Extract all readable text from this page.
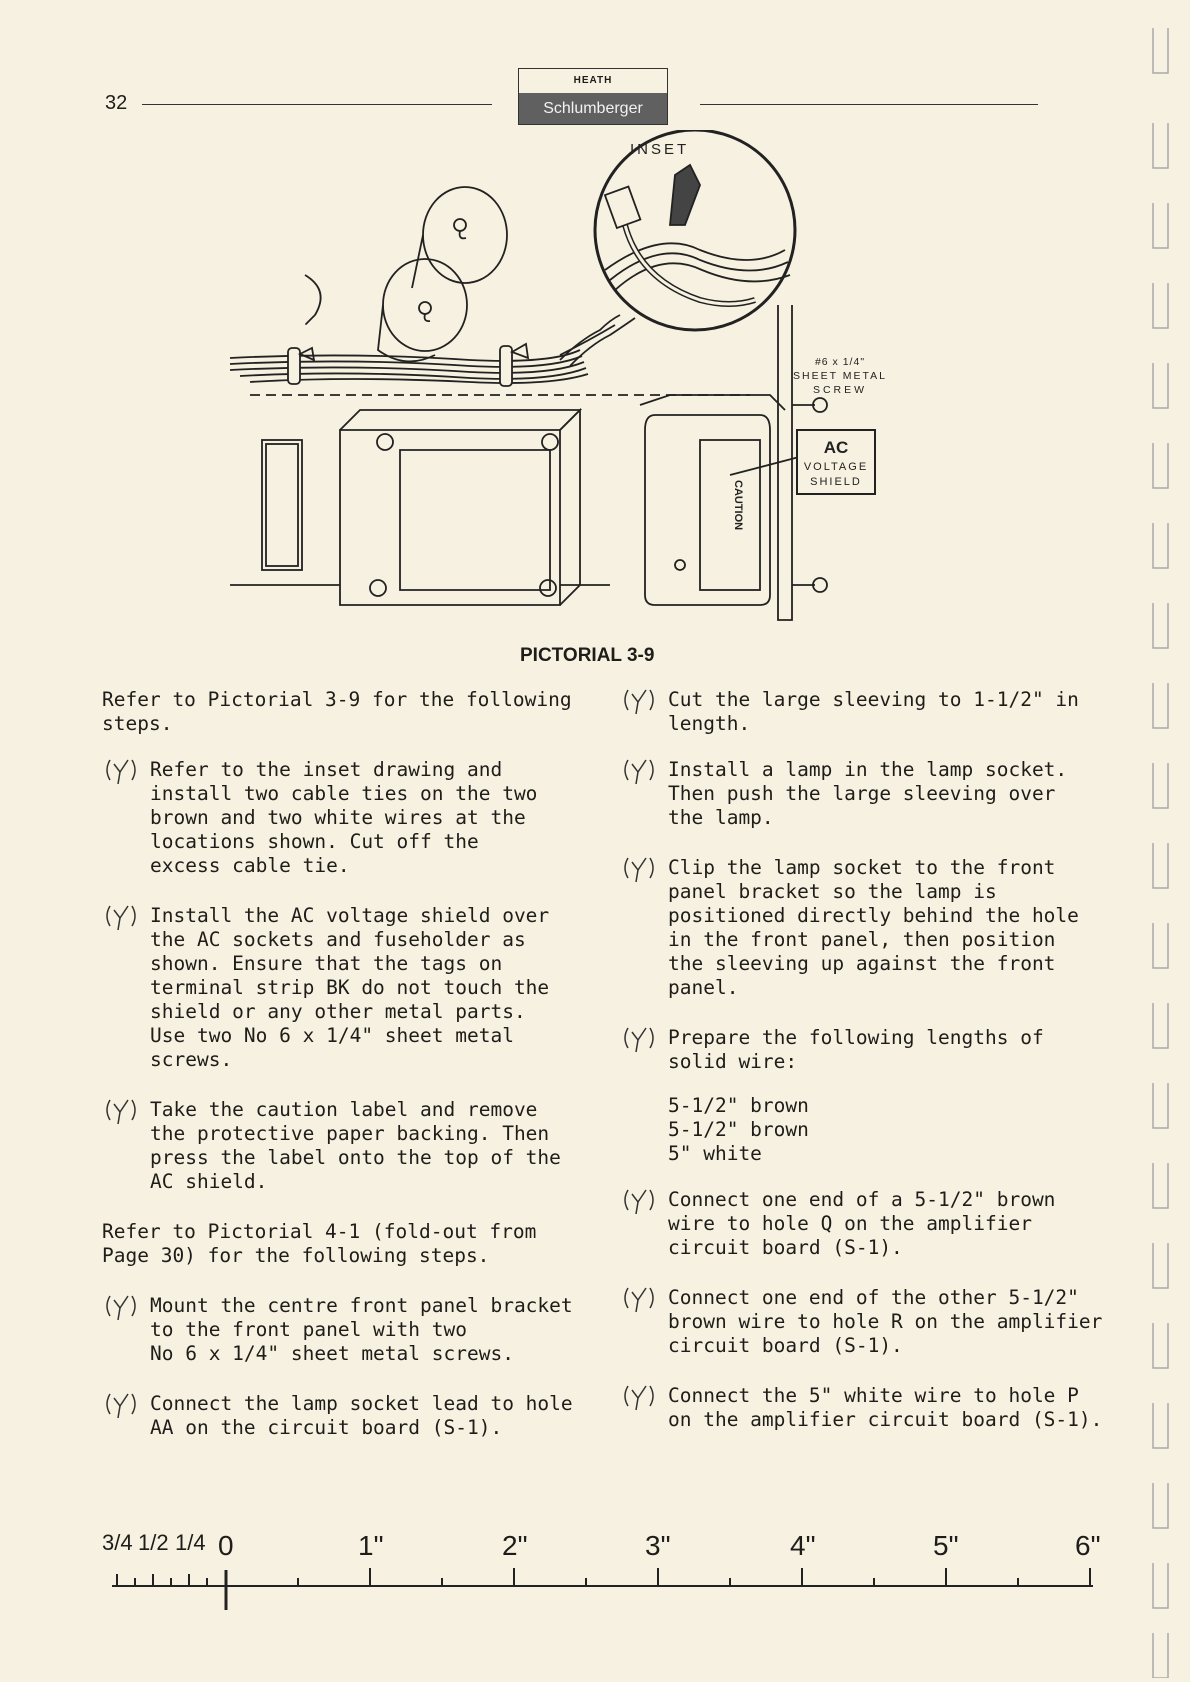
32
HEATH
Schlumberger
INSET
#6 x 1/4"
SHEET METAL
SCREW
AC
VOLTAGE
SHIELD
CAUTION
PICTORIAL 3-9

Refer to Pictorial 3-9 for the following
steps.

Refer to the inset drawing and
install two cable ties on the two
brown and two white wires at the
locations shown. Cut off the
excess cable tie.
Install the AC voltage shield over
the AC sockets and fuseholder as
shown. Ensure that the tags on
terminal strip BK do not touch the
shield or any other metal parts.
Use two No 6 x 1/4" sheet metal
screws.
Take the caution label and remove
the protective paper backing. Then
press the label onto the top of the
AC shield.

Refer to Pictorial 4-1 (fold-out from
Page 30) for the following steps.

Mount the centre front panel bracket
to the front panel with two
No 6 x 1/4" sheet metal screws.
Connect the lamp socket lead to hole
AA on the circuit board (S-1).
Cut the large sleeving to 1-1/2" in
length.
Install a lamp in the lamp socket.
Then push the large sleeving over
the lamp.
Clip the lamp socket to the front
panel bracket so the lamp is
positioned directly behind the hole
in the front panel, then position
the sleeving up against the front
panel.
Prepare the following lengths of
solid wire:
5-1/2" brown
5-1/2" brown
5" white
Connect one end of a 5-1/2" brown
wire to hole Q on the amplifier
circuit board (S-1).
Connect one end of the other 5-1/2"
brown wire to hole R on the amplifier
circuit board (S-1).
Connect the 5" white wire to hole P
on the amplifier circuit board (S-1).
3/4 1/2 1/4 0	1"	2"	3"	4"	5"	6"
